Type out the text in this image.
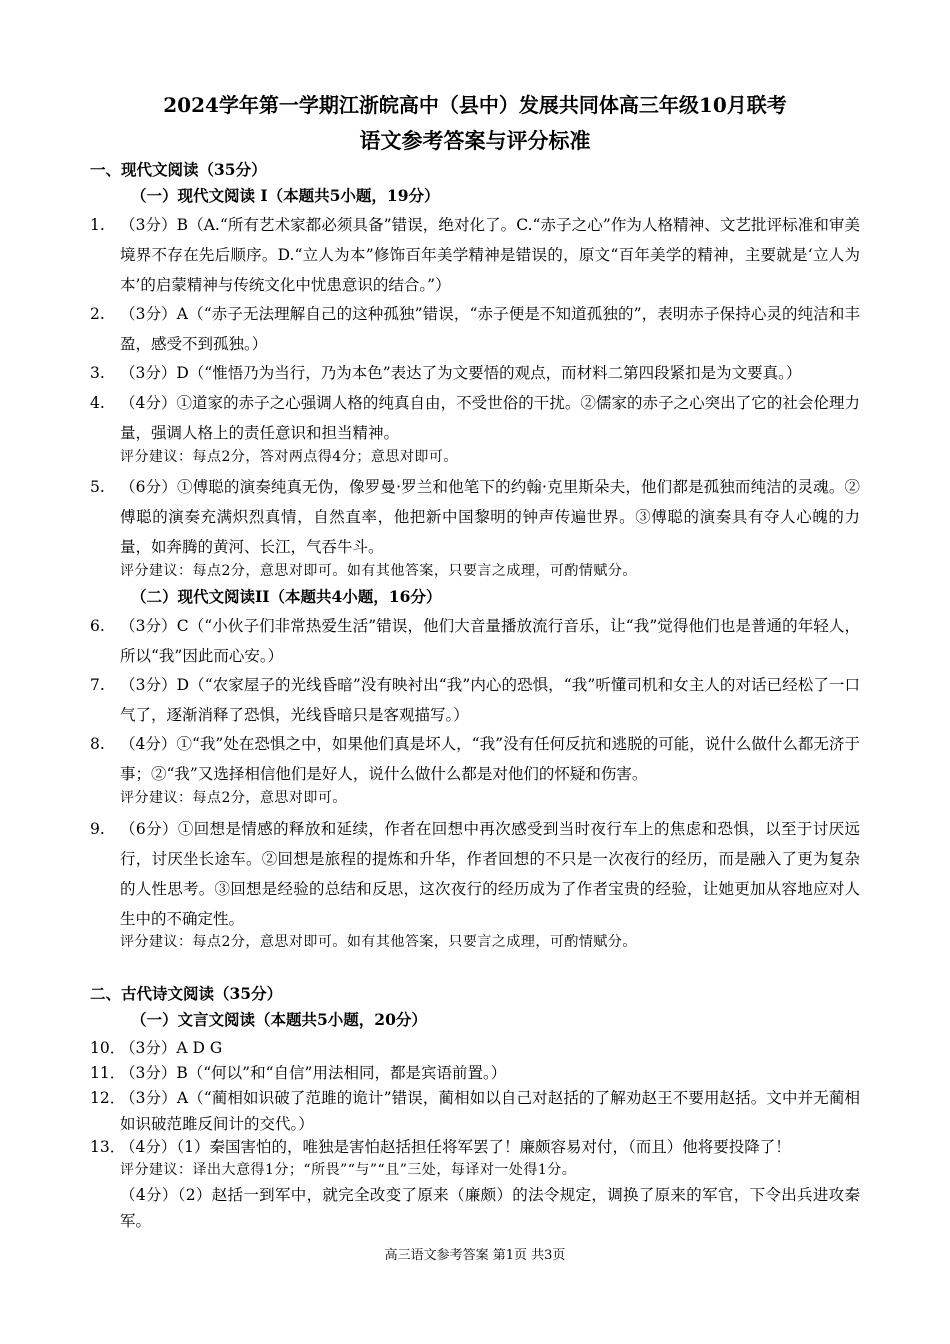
2024学年第一学期江浙皖高中（县中）发展共同体高三年级10月联考
语文参考答案与评分标准
一、现代文阅读（35分）
（一）现代文阅读 I（本题共5小题，19分）
1. （3分）B（A.“所有艺术家都必须具备”错误，绝对化了。C.“赤子之心”作为人格精神、文艺批评标准和审美境界不存在先后顺序。D.“立人为本”修饰百年美学精神是错误的，原文“百年美学的精神，主要就是‘立人为本’的启蒙精神与传统文化中忧患意识的结合。”）
2. （3分）A（“赤子无法理解自己的这种孤独”错误，“赤子便是不知道孤独的”，表明赤子保持心灵的纯洁和丰盈，感受不到孤独。）
3. （3分）D（“惟悟乃为当行，乃为本色”表达了为文要悟的观点，而材料二第四段紧扣是为文要真。）
4. （4分）①道家的赤子之心强调人格的纯真自由，不受世俗的干扰。②儒家的赤子之心突出了它的社会伦理力量，强调人格上的责任意识和担当精神。
评分建议：每点2分，答对两点得4分；意思对即可。
5. （6分）①傅聪的演奏纯真无伪，像罗曼·罗兰和他笔下的约翰·克里斯朵夫，他们都是孤独而纯洁的灵魂。②傅聪的演奏充满炽烈真情，自然直率，他把新中国黎明的钟声传遍世界。③傅聪的演奏具有夺人心魄的力量，如奔腾的黄河、长江，气吞牛斗。
评分建议：每点2分，意思对即可。如有其他答案，只要言之成理，可酌情赋分。
（二）现代文阅读II（本题共4小题，16分）
6. （3分）C（“小伙子们非常热爱生活”错误，他们大音量播放流行音乐，让“我”觉得他们也是普通的年轻人，所以“我”因此而心安。）
7. （3分）D（“农家屋子的光线昏暗”没有映衬出“我”内心的恐惧，“我”听懂司机和女主人的对话已经松了一口气了，逐渐消释了恐惧，光线昏暗只是客观描写。）
8. （4分）①“我”处在恐惧之中，如果他们真是坏人，“我”没有任何反抗和逃脱的可能，说什么做什么都无济于事；②“我”又选择相信他们是好人，说什么做什么都是对他们的怀疑和伤害。
评分建议：每点2分，意思对即可。
9. （6分）①回想是情感的释放和延续，作者在回想中再次感受到当时夜行车上的焦虑和恐惧，以至于讨厌远行，讨厌坐长途车。②回想是旅程的提炼和升华，作者回想的不只是一次夜行的经历，而是融入了更为复杂的人性思考。③回想是经验的总结和反思，这次夜行的经历成为了作者宝贵的经验，让她更加从容地应对人生中的不确定性。
评分建议：每点2分，意思对即可。如有其他答案，只要言之成理，可酌情赋分。
二、古代诗文阅读（35分）
（一）文言文阅读（本题共5小题，20分）
10．
（3分）A D G
11．
（3分）B（“何以”和“自信”用法相同，都是宾语前置。）
12．
（3分）A（“蔺相如识破了范雎的诡计”错误，蔺相如以自己对赵括的了解劝赵王不要用赵括。文中并无蔺相如识破范雎反间计的交代。）
13．
（4分）（1）秦国害怕的，唯独是害怕赵括担任将军罢了！廉颇容易对付，（而且）他将要投降了！
评分建议：译出大意得1分；“所畏”“与”“且”三处，每译对一处得1分。
（4分）（2）赵括一到军中，就完全改变了原来（廉颇）的法令规定，调换了原来的军官，下令出兵进攻秦军。
高三语文参考答案 第1页 共3页
